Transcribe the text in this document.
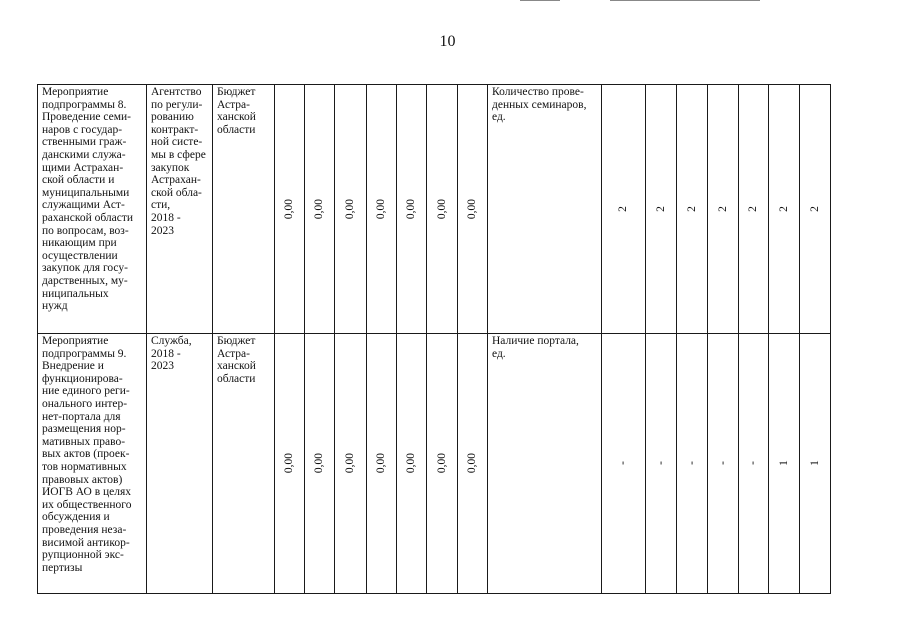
10
Мероприятие
подпрограммы 8.
Проведение семи-
наров с государ-
ственными граж-
данскими служа-
щими Астрахан-
ской области и
муниципальными
служащими Аст-
раханской области
по вопросам, воз-
никающим при
осуществлении
закупок для госу-
дарственных, му-
ниципальных
нужд
Агентство
по регули-
рованию
контракт-
ной систе-
мы в сфере
закупок
Астрахан-
ской обла-
сти,
2018 -
2023
Бюджет
Астра-
ханской
области
Количество прове-
денных семинаров,
ед.
0,00 0,00 0,00 0,00 0,00 0,00 0,00	2 2 2 2 2 2 2
Мероприятие
подпрограммы 9.
Внедрение и
функционирова-
ние единого реги-
онального интер-
нет-портала для
размещения нор-
мативных право-
вых актов (проек-
тов нормативных
правовых актов)
ИОГВ АО в целях
их общественного
обсуждения и
проведения неза-
висимой антикор-
рупционной экс-
пертизы
Служба,
2018 -
2023
Бюджет
Астра-
ханской
области
Наличие портала,
ед.
0,00 0,00 0,00 0,00 0,00 0,00 0,00	- - - - - 1 1
